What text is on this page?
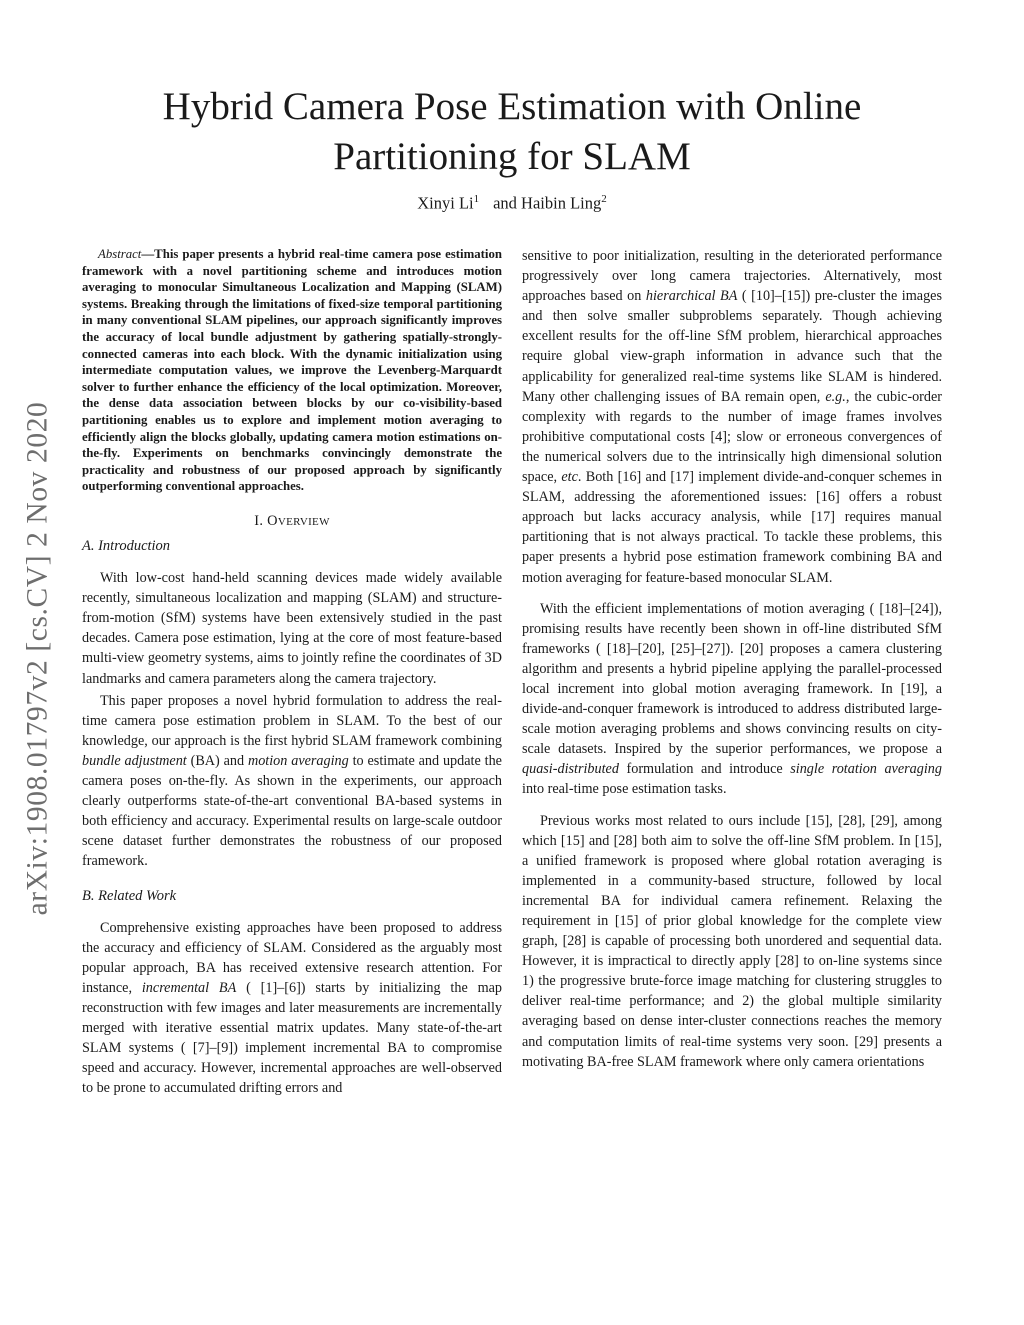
arXiv:1908.01797v2 [cs.CV] 2 Nov 2020
Hybrid Camera Pose Estimation with Online Partitioning for SLAM
Xinyi Li$^1$ and Haibin Ling$^2$

Abstract—This paper presents a hybrid real-time camera pose estimation framework with a novel partitioning scheme and introduces motion averaging to monocular Simultaneous Localization and Mapping (SLAM) systems. Breaking through the limitations of fixed-size temporal partitioning in many conventional SLAM pipelines, our approach significantly improves the accuracy of local bundle adjustment by gathering spatially-strongly-connected cameras into each block. With the dynamic initialization using intermediate computation values, we improve the Levenberg-Marquardt solver to further enhance the efficiency of the local optimization. Moreover, the dense data association between blocks by our co-visibility-based partitioning enables us to explore and implement motion averaging to efficiently align the blocks globally, updating camera motion estimations on-the-fly. Experiments on benchmarks convincingly demonstrate the practicality and robustness of our proposed approach by significantly outperforming conventional approaches.

I. OVERVIEW
A. Introduction

With low-cost hand-held scanning devices made widely available recently, simultaneous localization and mapping (SLAM) and structure-from-motion (SfM) systems have been extensively studied in the past decades. Camera pose estimation, lying at the core of most feature-based multi-view geometry systems, aims to jointly refine the coordinates of 3D landmarks and camera parameters along the camera trajectory.

This paper proposes a novel hybrid formulation to address the real-time camera pose estimation problem in SLAM. To the best of our knowledge, our approach is the first hybrid SLAM framework combining bundle adjustment (BA) and motion averaging to estimate and update the camera poses on-the-fly. As shown in the experiments, our approach clearly outperforms state-of-the-art conventional BA-based systems in both efficiency and accuracy. Experimental results on large-scale outdoor scene dataset further demonstrates the robustness of our proposed framework.

B. Related Work

Comprehensive existing approaches have been proposed to address the accuracy and efficiency of SLAM. Considered as the arguably most popular approach, BA has received extensive research attention. For instance, incremental BA ( [1]–[6]) starts by initializing the map reconstruction with few images and later measurements are incrementally merged with iterative essential matrix updates. Many state-of-the-art SLAM systems ( [7]–[9]) implement incremental BA to compromise speed and accuracy. However, incremental approaches are well-observed to be prone to accumulated drifting errors and

sensitive to poor initialization, resulting in the deteriorated performance progressively over long camera trajectories. Alternatively, most approaches based on hierarchical BA ( [10]–[15]) pre-cluster the images and then solve smaller subproblems separately. Though achieving excellent results for the off-line SfM problem, hierarchical approaches require global view-graph information in advance such that the applicability for generalized real-time systems like SLAM is hindered. Many other challenging issues of BA remain open, e.g., the cubic-order complexity with regards to the number of image frames involves prohibitive computational costs [4]; slow or erroneous convergences of the numerical solvers due to the intrinsically high dimensional solution space, etc. Both [16] and [17] implement divide-and-conquer schemes in SLAM, addressing the aforementioned issues: [16] offers a robust approach but lacks accuracy analysis, while [17] requires manual partitioning that is not always practical. To tackle these problems, this paper presents a hybrid pose estimation framework combining BA and motion averaging for feature-based monocular SLAM.

With the efficient implementations of motion averaging ( [18]–[24]), promising results have recently been shown in off-line distributed SfM frameworks ( [18]–[20], [25]–[27]). [20] proposes a camera clustering algorithm and presents a hybrid pipeline applying the parallel-processed local increment into global motion averaging framework. In [19], a divide-and-conquer framework is introduced to address distributed large-scale motion averaging problems and shows convincing results on city-scale datasets. Inspired by the superior performances, we propose a quasi-distributed formulation and introduce single rotation averaging into real-time pose estimation tasks.

Previous works most related to ours include [15], [28], [29], among which [15] and [28] both aim to solve the off-line SfM problem. In [15], a unified framework is proposed where global rotation averaging is implemented in a community-based structure, followed by local incremental BA for individual camera refinement. Relaxing the requirement in [15] of prior global knowledge for the complete view graph, [28] is capable of processing both unordered and sequential data. However, it is impractical to directly apply [28] to on-line systems since 1) the progressive brute-force image matching for clustering struggles to deliver real-time performance; and 2) the global multiple similarity averaging based on dense inter-cluster connections reaches the memory and computation limits of real-time systems very soon. [29] presents a motivating BA-free SLAM framework where only camera orientations
